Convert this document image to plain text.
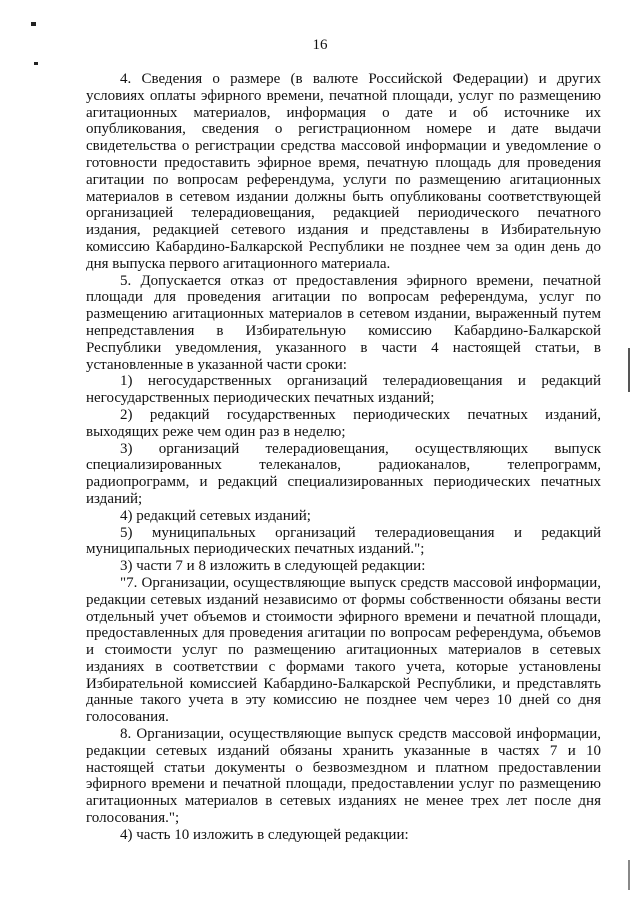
16

4. Сведения о размере (в валюте Российской Федерации) и других условиях оплаты эфирного времени, печатной площади, услуг по размещению агитационных материалов, информация о дате и об источнике их опубликования, сведения о регистрационном номере и дате выдачи свидетельства о регистрации средства массовой информации и уведомление о готовности предоставить эфирное время, печатную площадь для проведения агитации по вопросам референдума, услуги по размещению агитационных материалов в сетевом издании должны быть опубликованы соответствующей организацией телерадиовещания, редакцией периодического печатного издания, редакцией сетевого издания и представлены в Избирательную комиссию Кабардино-Балкарской Республики не позднее чем за один день до дня выпуска первого агитационного материала.

5. Допускается отказ от предоставления эфирного времени, печатной площади для проведения агитации по вопросам референдума, услуг по размещению агитационных материалов в сетевом издании, выраженный путем непредставления в Избирательную комиссию Кабардино-Балкарской Республики уведомления, указанного в части 4 настоящей статьи, в установленные в указанной части сроки:

1) негосударственных организаций телерадиовещания и редакций негосударственных периодических печатных изданий;

2) редакций государственных периодических печатных изданий, выходящих реже чем один раз в неделю;

3) организаций телерадиовещания, осуществляющих выпуск специализированных телеканалов, радиоканалов, телепрограмм, радиопрограмм, и редакций специализированных периодических печатных изданий;

4) редакций сетевых изданий;

5) муниципальных организаций телерадиовещания и редакций муниципальных периодических печатных изданий.";

3) части 7 и 8 изложить в следующей редакции:

"7. Организации, осуществляющие выпуск средств массовой информации, редакции сетевых изданий независимо от формы собственности обязаны вести отдельный учет объемов и стоимости эфирного времени и печатной площади, предоставленных для проведения агитации по вопросам референдума, объемов и стоимости услуг по размещению агитационных материалов в сетевых изданиях в соответствии с формами такого учета, которые установлены Избирательной комиссией Кабардино-Балкарской Республики, и представлять данные такого учета в эту комиссию не позднее чем через 10 дней со дня голосования.

8. Организации, осуществляющие выпуск средств массовой информации, редакции сетевых изданий обязаны хранить указанные в частях 7 и 10 настоящей статьи документы о безвозмездном и платном предоставлении эфирного времени и печатной площади, предоставлении услуг по размещению агитационных материалов в сетевых изданиях не менее трех лет после дня голосования.";

4) часть 10 изложить в следующей редакции:
